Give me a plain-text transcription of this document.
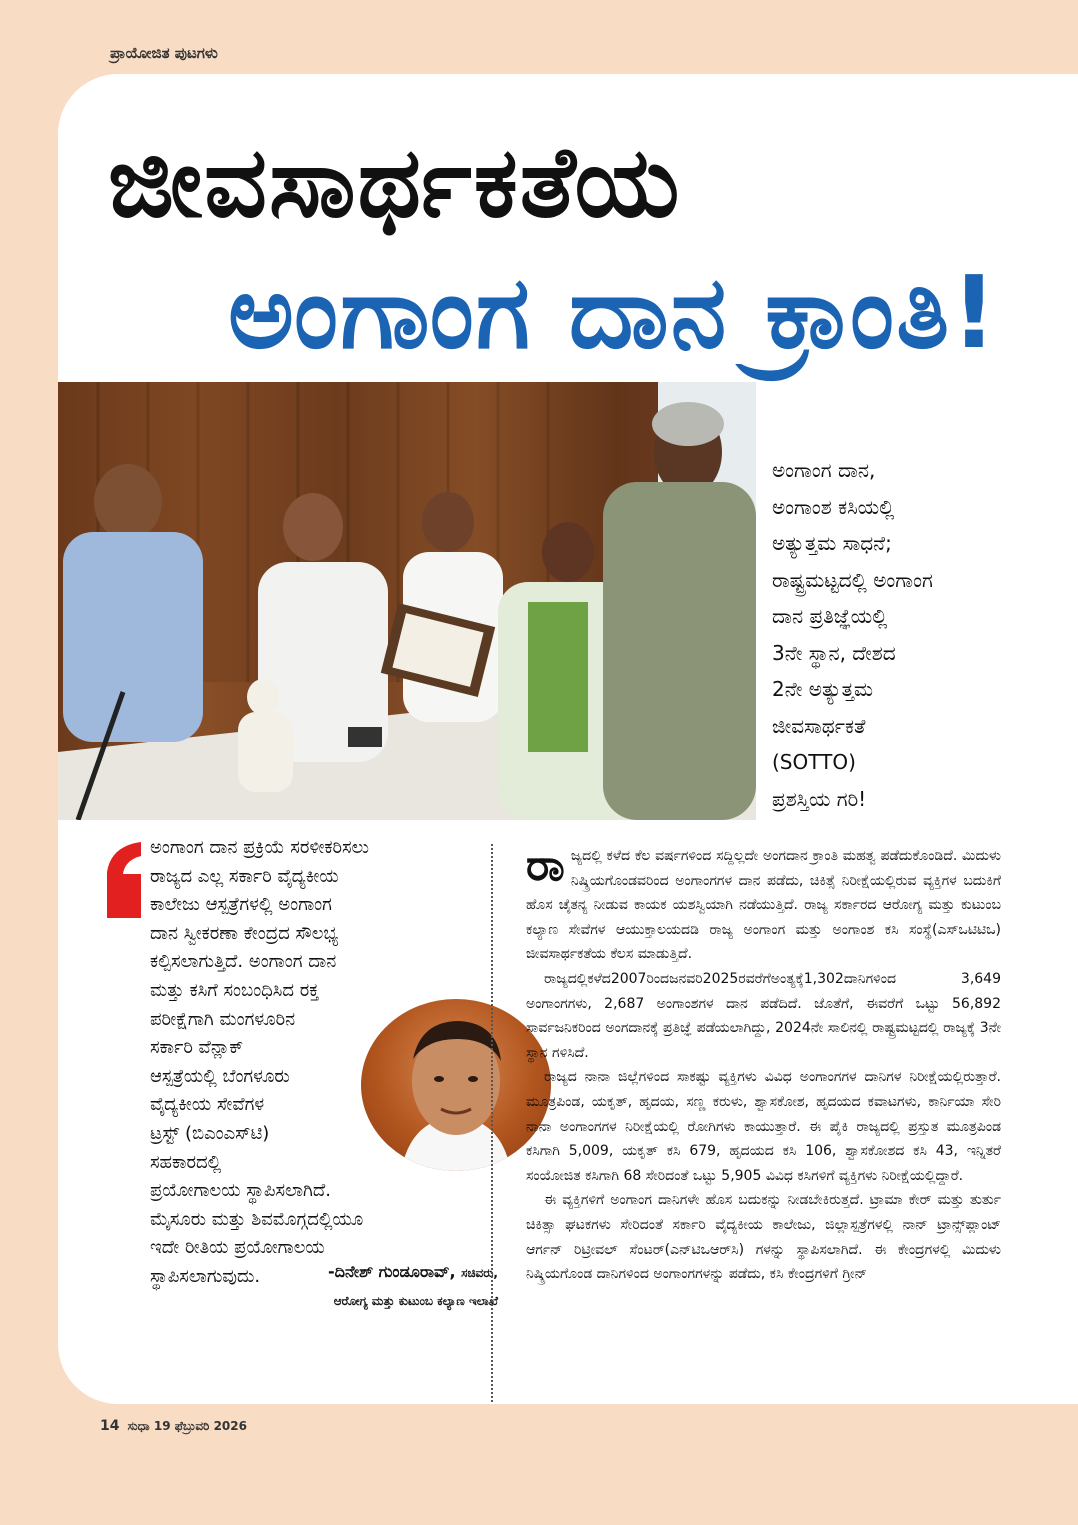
ಪ್ರಾಯೋಜಿತ ಪುಟಗಳು
ಜೀವಸಾರ್ಥಕತೆಯ
ಅಂಗಾಂಗ ದಾನ ಕ್ರಾಂತಿ!

ಅಂಗಾಂಗ ದಾನ,

ಅಂಗಾಂಶ ಕಸಿಯಲ್ಲಿ

ಅತ್ಯುತ್ತಮ ಸಾಧನೆ;

ರಾಷ್ಟ್ರಮಟ್ಟದಲ್ಲಿ ಅಂಗಾಂಗ

ದಾನ ಪ್ರತಿಜ್ಞೆಯಲ್ಲಿ

3ನೇ ಸ್ಥಾನ, ದೇಶದ

2ನೇ ಅತ್ಯುತ್ತಮ

ಜೀವಸಾರ್ಥಕತೆ

(SOTTO)

ಪ್ರಶಸ್ತಿಯ ಗರಿ!

ಅಂಗಾಂಗ ದಾನ ಪ್ರಕ್ರಿಯೆ ಸರಳೀಕರಿಸಲು
ರಾಜ್ಯದ ಎಲ್ಲ ಸರ್ಕಾರಿ ವೈದ್ಯಕೀಯ
ಕಾಲೇಜು ಆಸ್ಪತ್ರೆಗಳಲ್ಲಿ ಅಂಗಾಂಗ
ದಾನ ಸ್ವೀಕರಣಾ ಕೇಂದ್ರದ ಸೌಲಭ್ಯ
ಕಲ್ಪಿಸಲಾಗುತ್ತಿದೆ. ಅಂಗಾಂಗ ದಾನ
ಮತ್ತು ಕಸಿಗೆ ಸಂಬಂಧಿಸಿದ ರಕ್ತ
ಪರೀಕ್ಷೆಗಾಗಿ ಮಂಗಳೂರಿನ
ಸರ್ಕಾರಿ ವೆನ್ಲಾಕ್
ಆಸ್ಪತ್ರೆಯಲ್ಲಿ ಬೆಂಗಳೂರು
ವೈದ್ಯಕೀಯ ಸೇವೆಗಳ
ಟ್ರಸ್ಟ್ (ಬಿಎಂಎಸ್‌ಟಿ)
ಸಹಕಾರದಲ್ಲಿ
ಪ್ರಯೋಗಾಲಯ ಸ್ಥಾಪಿಸಲಾಗಿದೆ.
ಮೈಸೂರು ಮತ್ತು ಶಿವಮೊಗ್ಗದಲ್ಲಿಯೂ
ಇದೇ ರೀತಿಯ ಪ್ರಯೋಗಾಲಯ
ಸ್ಥಾಪಿಸಲಾಗುವುದು.	-ದಿನೇಶ್ ಗುಂಡೂರಾವ್, ಸಚಿವರು,
ಆರೋಗ್ಯ ಮತ್ತು ಕುಟುಂಬ ಕಲ್ಯಾಣ ಇಲಾಖೆ

ರಾಜ್ಯದಲ್ಲಿ ಕಳೆದ ಕೆಲ ವರ್ಷಗಳಿಂದ ಸದ್ದಿಲ್ಲದೇ ಅಂಗದಾನ ಕ್ರಾಂತಿ ಮಹತ್ವ ಪಡೆದುಕೊಂಡಿದೆ. ಮಿದುಳು ನಿಷ್ಕ್ರಿಯಗೊಂಡವರಿಂದ ಅಂಗಾಂಗಗಳ ದಾನ ಪಡೆದು, ಚಿಕಿತ್ಸೆ ನಿರೀಕ್ಷೆಯಲ್ಲಿರುವ ವ್ಯಕ್ತಿಗಳ ಬದುಕಿಗೆ ಹೊಸ ಚೈತನ್ಯ ನೀಡುವ ಕಾಯಕ ಯಶಸ್ವಿಯಾಗಿ ನಡೆಯುತ್ತಿದೆ. ರಾಜ್ಯ ಸರ್ಕಾರದ ಆರೋಗ್ಯ ಮತ್ತು ಕುಟುಂಬ ಕಲ್ಯಾಣ ಸೇವೆಗಳ ಆಯುಕ್ತಾಲಯದಡಿ ರಾಜ್ಯ ಅಂಗಾಂಗ ಮತ್ತು ಅಂಗಾಂಶ ಕಸಿ ಸಂಸ್ಥೆ(ಎಸ್‌ಒಟಿಟಿಒ) ಜೀವಸಾರ್ಥಕತೆಯ ಕೆಲಸ ಮಾಡುತ್ತಿದೆ.

ರಾಜ್ಯದಲ್ಲಿಕಳೆದ2007ರಿಂದಜನವರಿ2025ರವರೆಗೆಅಂತ್ಯಕ್ಕೆ1,302ದಾನಿಗಳಿಂದ 3,649 ಅಂಗಾಂಗಗಳು, 2,687 ಅಂಗಾಂಶಗಳ ದಾನ ಪಡೆದಿದೆ. ಜೊತೆಗೆ, ಈವರೆಗೆ ಒಟ್ಟು 56,892 ಸಾರ್ವಜನಿಕರಿಂದ ಅಂಗದಾನಕ್ಕೆ ಪ್ರತಿಜ್ಞೆ ಪಡೆಯಲಾಗಿದ್ದು, 2024ನೇ ಸಾಲಿನಲ್ಲಿ ರಾಷ್ಟ್ರಮಟ್ಟದಲ್ಲಿ ರಾಜ್ಯಕ್ಕೆ 3ನೇ ಸ್ಥಾನ ಗಳಿಸಿದೆ.

ರಾಜ್ಯದ ನಾನಾ ಜಿಲ್ಲೆಗಳಿಂದ ಸಾಕಷ್ಟು ವ್ಯಕ್ತಿಗಳು ವಿವಿಧ ಅಂಗಾಂಗಗಳ ದಾನಿಗಳ ನಿರೀಕ್ಷೆಯಲ್ಲಿರುತ್ತಾರೆ. ಮೂತ್ರಪಿಂಡ, ಯಕೃತ್, ಹೃದಯ, ಸಣ್ಣ ಕರುಳು, ಶ್ವಾಸಕೋಶ, ಹೃದಯದ ಕವಾಟಗಳು, ಕಾರ್ನಿಯಾ ಸೇರಿ ನಾನಾ ಅಂಗಾಂಗಗಳ ನಿರೀಕ್ಷೆಯಲ್ಲಿ ರೋಗಿಗಳು ಕಾಯುತ್ತಾರೆ. ಈ ಪೈಕಿ ರಾಜ್ಯದಲ್ಲಿ ಪ್ರಸ್ತುತ ಮೂತ್ರಪಿಂಡ ಕಸಿಗಾಗಿ 5,009, ಯಕೃತ್ ಕಸಿ 679, ಹೃದಯದ ಕಸಿ 106, ಶ್ವಾಸಕೋಶದ ಕಸಿ 43, ಇನ್ನಿತರೆ ಸಂಯೋಜಿತ ಕಸಿಗಾಗಿ 68 ಸೇರಿದಂತೆ ಒಟ್ಟು 5,905 ವಿವಿಧ ಕಸಿಗಳಿಗೆ ವ್ಯಕ್ತಿಗಳು ನಿರೀಕ್ಷೆಯಲ್ಲಿದ್ದಾರೆ.

ಈ ವ್ಯಕ್ತಿಗಳಿಗೆ ಅಂಗಾಂಗ ದಾನಿಗಳೇ ಹೊಸ ಬದುಕನ್ನು ನೀಡಬೇಕಿರುತ್ತದೆ. ಟ್ರಾಮಾ ಕೇರ್ ಮತ್ತು ತುರ್ತು ಚಿಕಿತ್ಸಾ ಘಟಕಗಳು ಸೇರಿದಂತೆ ಸರ್ಕಾರಿ ವೈದ್ಯಕೀಯ ಕಾಲೇಜು, ಜಿಲ್ಲಾಸ್ಪತ್ರೆಗಳಲ್ಲಿ ನಾನ್ ಟ್ರಾನ್ಸ್‌ಪ್ಲಾಂಟ್ ಆರ್ಗನ್ ರಿಟ್ರೀವಲ್ ಸೆಂಟರ್(ಎನ್‌ಟಿಒಆರ್‌ಸಿ) ಗಳನ್ನು ಸ್ಥಾಪಿಸಲಾಗಿದೆ. ಈ ಕೇಂದ್ರಗಳಲ್ಲಿ ಮಿದುಳು ನಿಷ್ಕ್ರಿಯಗೊಂಡ ದಾನಿಗಳಿಂದ ಅಂಗಾಂಗಗಳನ್ನು ಪಡೆದು, ಕಸಿ ಕೇಂದ್ರಗಳಿಗೆ ಗ್ರೀನ್

14 ಸುಧಾ 19 ಫೆಬ್ರುವರಿ 2026
